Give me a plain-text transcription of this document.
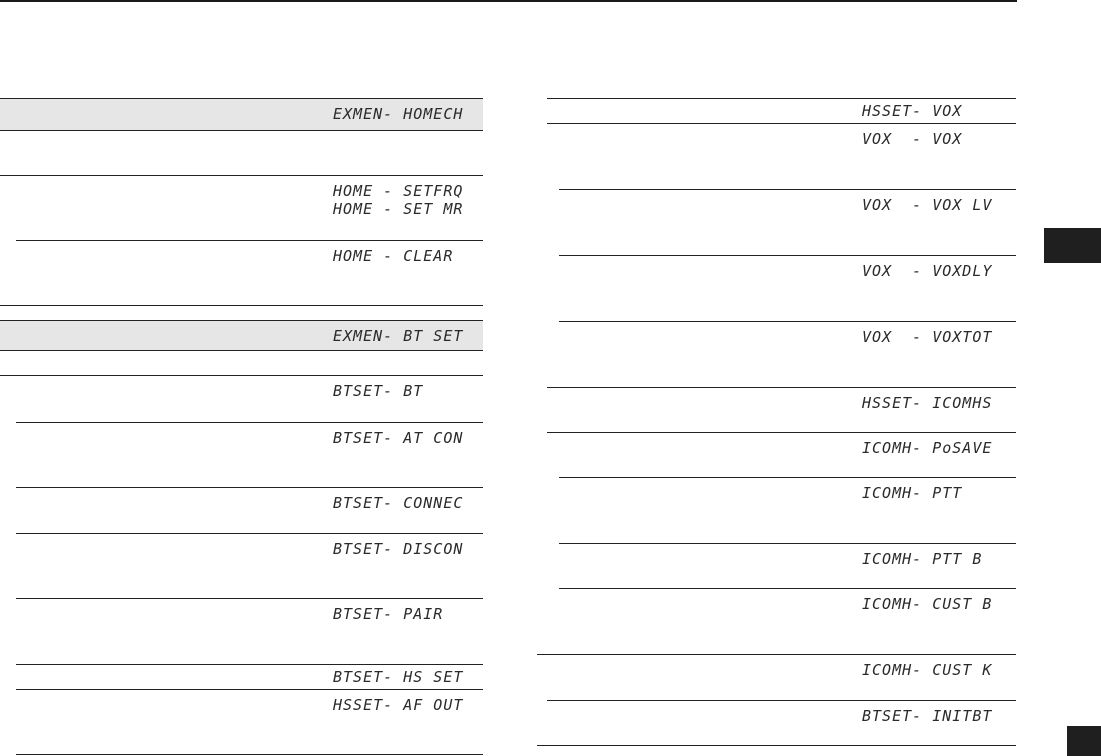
EXMEN- HOMECH
HOME - SETFRQ
HOME - SET MR
HOME - CLEAR
EXMEN- BT SET
BTSET- BT
BTSET- AT CON
BTSET- CONNEC
BTSET- DISCON
BTSET- PAIR
BTSET- HS SET
HSSET- AF OUT
HSSET- VOX
VOX  - VOX
VOX  - VOX LV
VOX  - VOXDLY
VOX  - VOXTOT
HSSET- ICOMHS
ICOMH- PoSAVE
ICOMH- PTT
ICOMH- PTT B
ICOMH- CUST B
ICOMH- CUST K
BTSET- INITBT
